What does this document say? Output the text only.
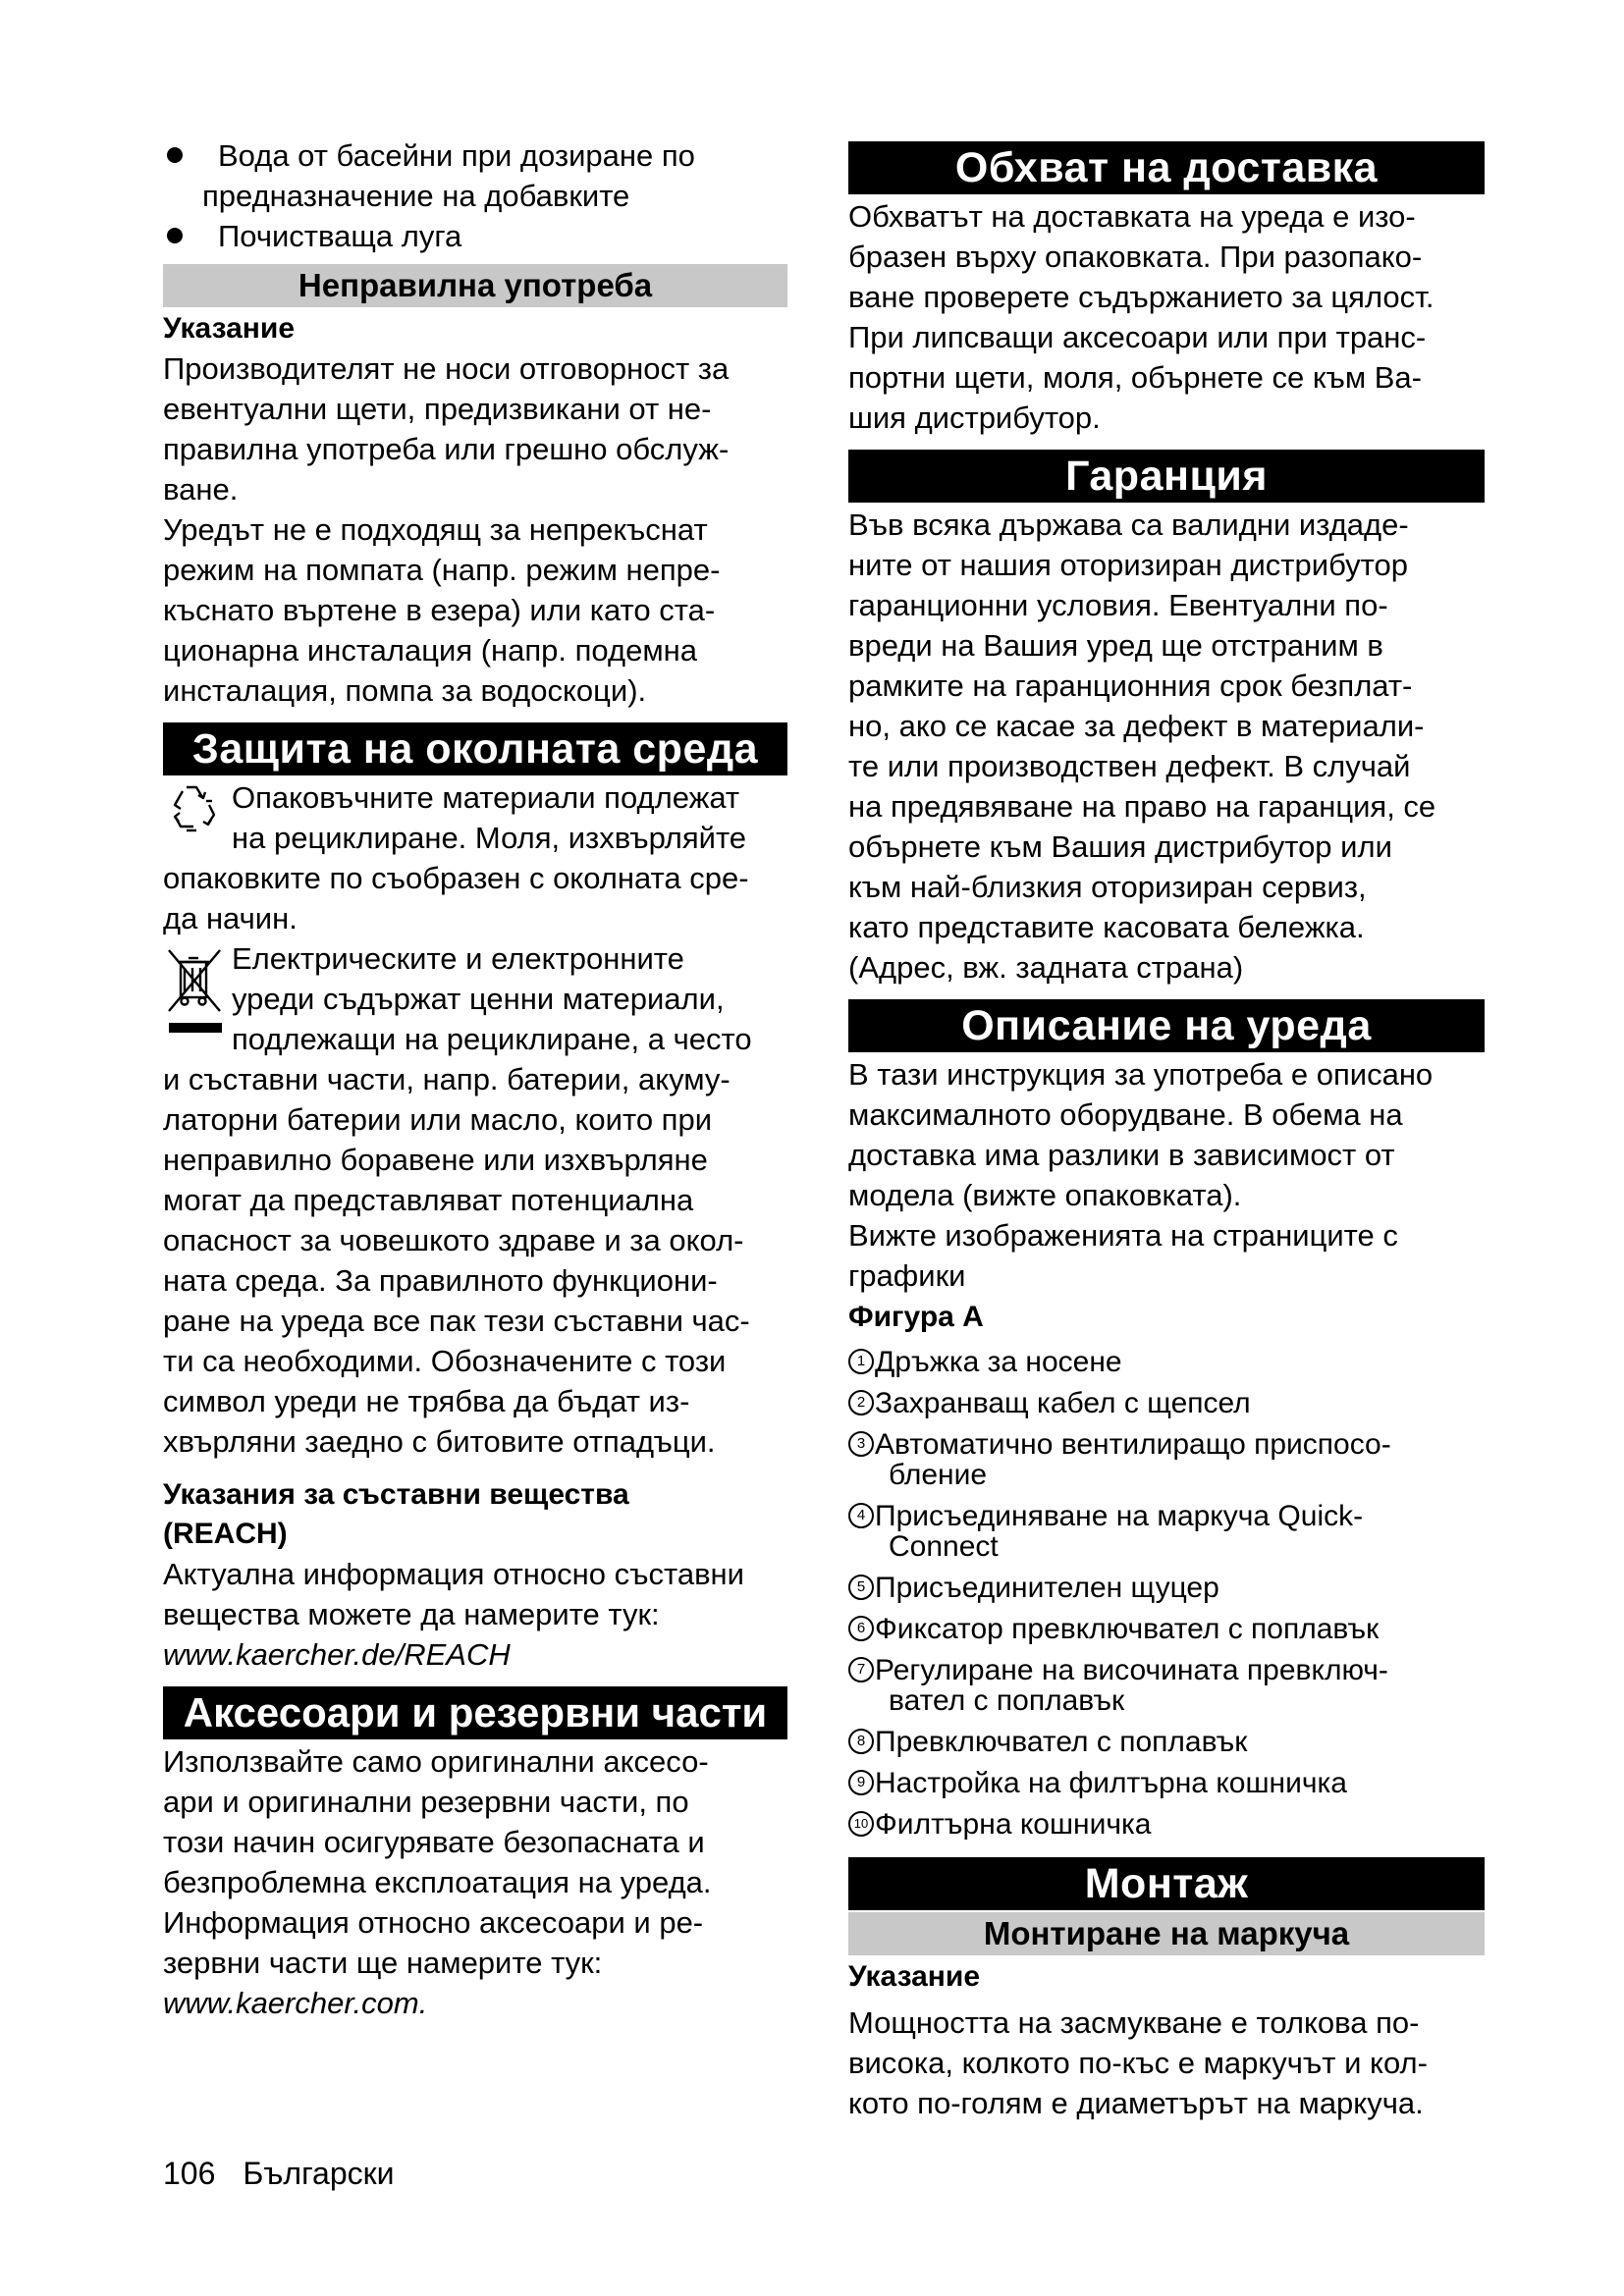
Вода от басейни при дозиране по
предназначение на добавките
Почистваща луга
Неправилна употреба
Указание

Производителят не носи отговорност за
евентуални щети, предизвикани от не-
правилна употреба или грешно обслуж-
ване.

Уредът не е подходящ за непрекъснат
режим на помпата (напр. режим непре-
къснато въртене в езера) или като ста-
ционарна инсталация (напр. подемна
инсталация, помпа за водоскоци).

Защита на околната среда

Опаковъчните материали подлежат

на рециклиране. Моля, изхвърляйте

опаковките по съобразен с околната сре-
да начин.

Електрическите и електронните

уреди съдържат ценни материали,

подлежащи на рециклиране, а често

и съставни части, напр. батерии, акуму-
латорни батерии или масло, които при
неправилно боравене или изхвърляне
могат да представляват потенциална
опасност за човешкото здраве и за окол-
ната среда. За правилното функциони-
ране на уреда все пак тези съставни час-
ти са необходими. Обозначените с този
символ уреди не трябва да бъдат из-
хвърляни заедно с битовите отпадъци.

Указания за съставни вещества
(REACH)

Актуална информация относно съставни
вещества можете да намерите тук:

www.kaercher.de/REACH

Аксесоари и резервни части

Използвайте само оригинални аксесо-
ари и оригинални резервни части, по
този начин осигурявате безопасната и
безпроблемна експлоатация на уреда.
Информация относно аксесоари и ре-
зервни части ще намерите тук:

www.kaercher.com.

Обхват на доставка

Обхватът на доставката на уреда е изо-
бразен върху опаковката. При разопако-
ване проверете съдържанието за цялост.
При липсващи аксесоари или при транс-
портни щети, моля, обърнете се към Ва-
шия дистрибутор.

Гаранция

Във всяка държава са валидни издаде-
ните от нашия оторизиран дистрибутор
гаранционни условия. Евентуални по-
вреди на Вашия уред ще отстраним в
рамките на гаранционния срок безплат-
но, ако се касае за дефект в материали-
те или производствен дефект. В случай
на предявяване на право на гаранция, се
обърнете към Вашия дистрибутор или
към най-близкия оторизиран сервиз,
като представите касовата бележка.
(Адрес, вж. задната страна)

Описание на уреда

В тази инструкция за употреба е описано
максималното оборудване. В обема на
доставка има разлики в зависимост от
модела (вижте опаковката).

Вижте изображенията на страниците с
графики

Фигура A
1 Дръжка за носене
2 Захранващ кабел с щепсел
3 Автоматично вентилиращо приспосо-
бление
4 Присъединяване на маркуча Quick-
Connect
5 Присъединителен щуцер
6 Фиксатор превключвател с поплавък
7 Регулиране на височината превключ-
вател с поплавък
8 Превключвател с поплавък
9 Настройка на филтърна кошничка
10 Филтърна кошничка
Монтаж
Монтиране на маркуча
Указание

Мощността на засмукване е толкова по-
висока, колкото по-къс е маркучът и кол-
кото по-голям е диаметърът на маркуча.

106 Български
